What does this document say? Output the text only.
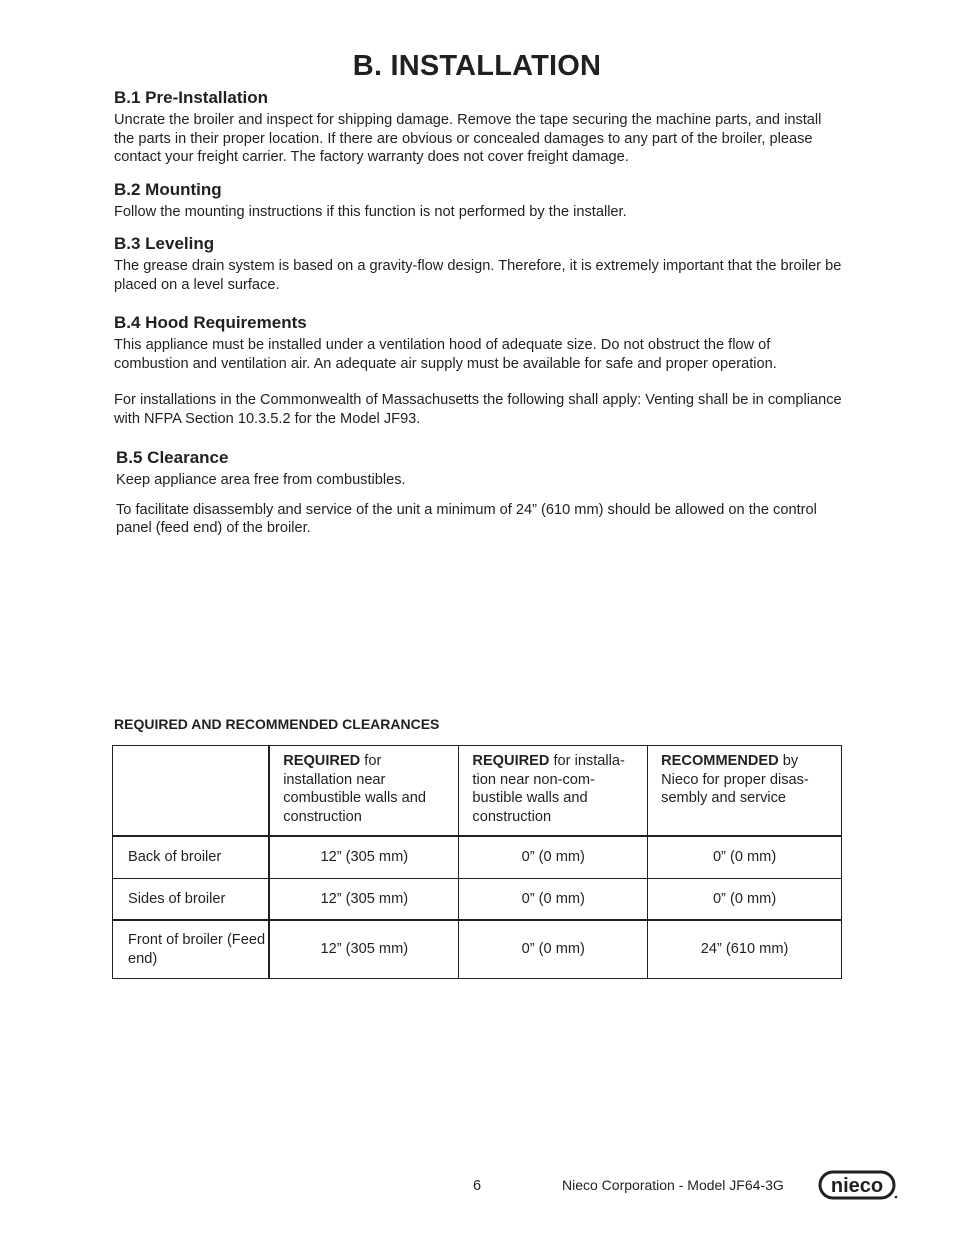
B. INSTALLATION
B.1 Pre-Installation

Uncrate the broiler and inspect for shipping damage. Remove the tape securing the machine parts, and install the parts in their proper location. If there are obvious or concealed damages to any part of the broiler, please contact your freight carrier. The factory warranty does not cover freight damage.

B.2 Mounting

Follow the mounting instructions if this function is not performed by the installer.

B.3 Leveling

The grease drain system is based on a gravity-flow design. Therefore, it is extremely important that the broiler be placed on a level surface.

B.4 Hood Requirements

This appliance must be installed under a ventilation hood of adequate size. Do not obstruct the flow of combustion and ventilation air. An adequate air supply must be available for safe and proper operation.

For installations in the Commonwealth of Massachusetts the following shall apply: Venting shall be in compliance with NFPA Section 10.3.5.2 for the Model JF93.

B.5 Clearance

Keep appliance area free from combustibles.

To facilitate disassembly and service of the unit a minimum of 24” (610 mm) should be allowed on the control panel (feed end) of the broiler.

REQUIRED AND RECOMMENDED CLEARANCES

	REQUIRED for installation near combustible walls and construction	REQUIRED for installa-tion near non-com-bustible walls and construction	RECOMMENDED by Nieco for proper disas-sembly and service
Back of broiler	12” (305 mm)	0” (0 mm)	0” (0 mm)
Sides of broiler	12” (305 mm)	0” (0 mm)	0” (0 mm)
Front of broiler (Feed end)	12” (305 mm)	0” (0 mm)	24” (610 mm)
6	Nieco Corporation - Model JF64-3G nieco
